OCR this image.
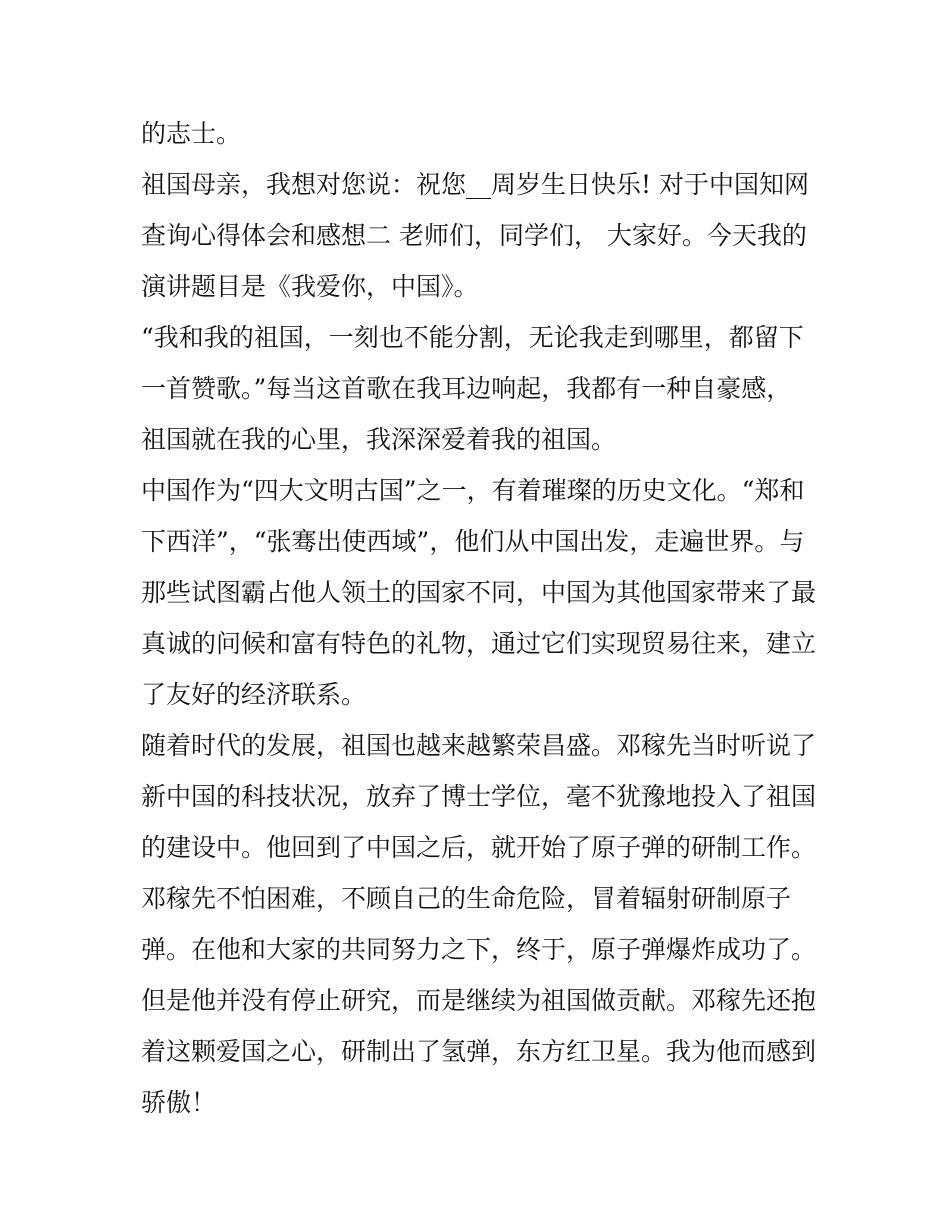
的志士。
祖国母亲，我想对您说：祝您__周岁生日快乐! 对于中国知网
查询心得体会和感想二 老师们，同学们， 大家好。今天我的
演讲题目是《我爱你，中国》。
“我和我的祖国，一刻也不能分割，无论我走到哪里，都留下
一首赞歌。”每当这首歌在我耳边响起，我都有一种自豪感，
祖国就在我的心里，我深深爱着我的祖国。
中国作为“四大文明古国”之一，有着璀璨的历史文化。“郑和
下西洋”，“张骞出使西域”，他们从中国出发，走遍世界。与
那些试图霸占他人领土的国家不同，中国为其他国家带来了最
真诚的问候和富有特色的礼物，通过它们实现贸易往来，建立
了友好的经济联系。
随着时代的发展，祖国也越来越繁荣昌盛。邓稼先当时听说了
新中国的科技状况，放弃了博士学位，毫不犹豫地投入了祖国
的建设中。他回到了中国之后，就开始了原子弹的研制工作。
邓稼先不怕困难，不顾自己的生命危险，冒着辐射研制原子
弹。在他和大家的共同努力之下，终于，原子弹爆炸成功了。
但是他并没有停止研究，而是继续为祖国做贡献。邓稼先还抱
着这颗爱国之心，研制出了氢弹，东方红卫星。我为他而感到
骄傲！
